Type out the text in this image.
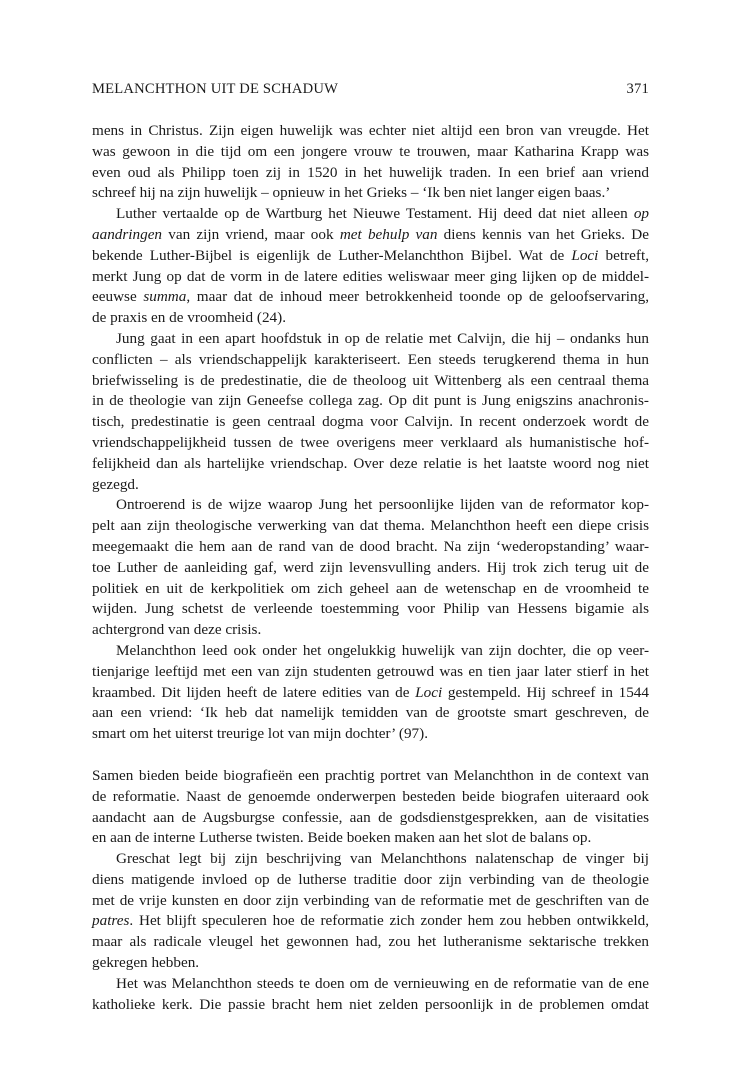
MELANCHTHON UIT DE SCHADUW	371
mens in Christus. Zijn eigen huwelijk was echter niet altijd een bron van vreugde. Het
was gewoon in die tijd om een jongere vrouw te trouwen, maar Katharina Krapp was
even oud als Philipp toen zij in 1520 in het huwelijk traden. In een brief aan vriend
schreef hij na zijn huwelijk – opnieuw in het Grieks – ‘Ik ben niet langer eigen baas.’
Luther vertaalde op de Wartburg het Nieuwe Testament. Hij deed dat niet alleen op
aandringen van zijn vriend, maar ook met behulp van diens kennis van het Grieks. De
bekende Luther-Bijbel is eigenlijk de Luther-Melanchthon Bijbel. Wat de Loci betreft,
merkt Jung op dat de vorm in de latere edities weliswaar meer ging lijken op de middel-
eeuwse summa, maar dat de inhoud meer betrokkenheid toonde op de geloofservaring,
de praxis en de vroomheid (24).
Jung gaat in een apart hoofdstuk in op de relatie met Calvijn, die hij – ondanks hun
conflicten – als vriendschappelijk karakteriseert. Een steeds terugkerend thema in hun
briefwisseling is de predestinatie, die de theoloog uit Wittenberg als een centraal thema
in de theologie van zijn Geneefse collega zag. Op dit punt is Jung enigszins anachronis-
tisch, predestinatie is geen centraal dogma voor Calvijn. In recent onderzoek wordt de
vriendschappelijkheid tussen de twee overigens meer verklaard als humanistische hof-
felijkheid dan als hartelijke vriendschap. Over deze relatie is het laatste woord nog niet
gezegd.
Ontroerend is de wijze waarop Jung het persoonlijke lijden van de reformator kop-
pelt aan zijn theologische verwerking van dat thema. Melanchthon heeft een diepe crisis
meegemaakt die hem aan de rand van de dood bracht. Na zijn ‘wederopstanding’ waar-
toe Luther de aanleiding gaf, werd zijn levensvulling anders. Hij trok zich terug uit de
politiek en uit de kerkpolitiek om zich geheel aan de wetenschap en de vroomheid te
wijden. Jung schetst de verleende toestemming voor Philip van Hessens bigamie als
achtergrond van deze crisis.
Melanchthon leed ook onder het ongelukkig huwelijk van zijn dochter, die op veer-
tienjarige leeftijd met een van zijn studenten getrouwd was en tien jaar later stierf in het
kraambed. Dit lijden heeft de latere edities van de Loci gestempeld. Hij schreef in 1544
aan een vriend: ‘Ik heb dat namelijk temidden van de grootste smart geschreven, de
smart om het uiterst treurige lot van mijn dochter’ (97).
Samen bieden beide biografieën een prachtig portret van Melanchthon in de context van
de reformatie. Naast de genoemde onderwerpen besteden beide biografen uiteraard ook
aandacht aan de Augsburgse confessie, aan de godsdienstgesprekken, aan de visitaties
en aan de interne Lutherse twisten. Beide boeken maken aan het slot de balans op.
Greschat legt bij zijn beschrijving van Melanchthons nalatenschap de vinger bij
diens matigende invloed op de lutherse traditie door zijn verbinding van de theologie
met de vrije kunsten en door zijn verbinding van de reformatie met de geschriften van de
patres. Het blijft speculeren hoe de reformatie zich zonder hem zou hebben ontwikkeld,
maar als radicale vleugel het gewonnen had, zou het lutheranisme sektarische trekken
gekregen hebben.
Het was Melanchthon steeds te doen om de vernieuwing en de reformatie van de ene
katholieke kerk. Die passie bracht hem niet zelden persoonlijk in de problemen omdat
